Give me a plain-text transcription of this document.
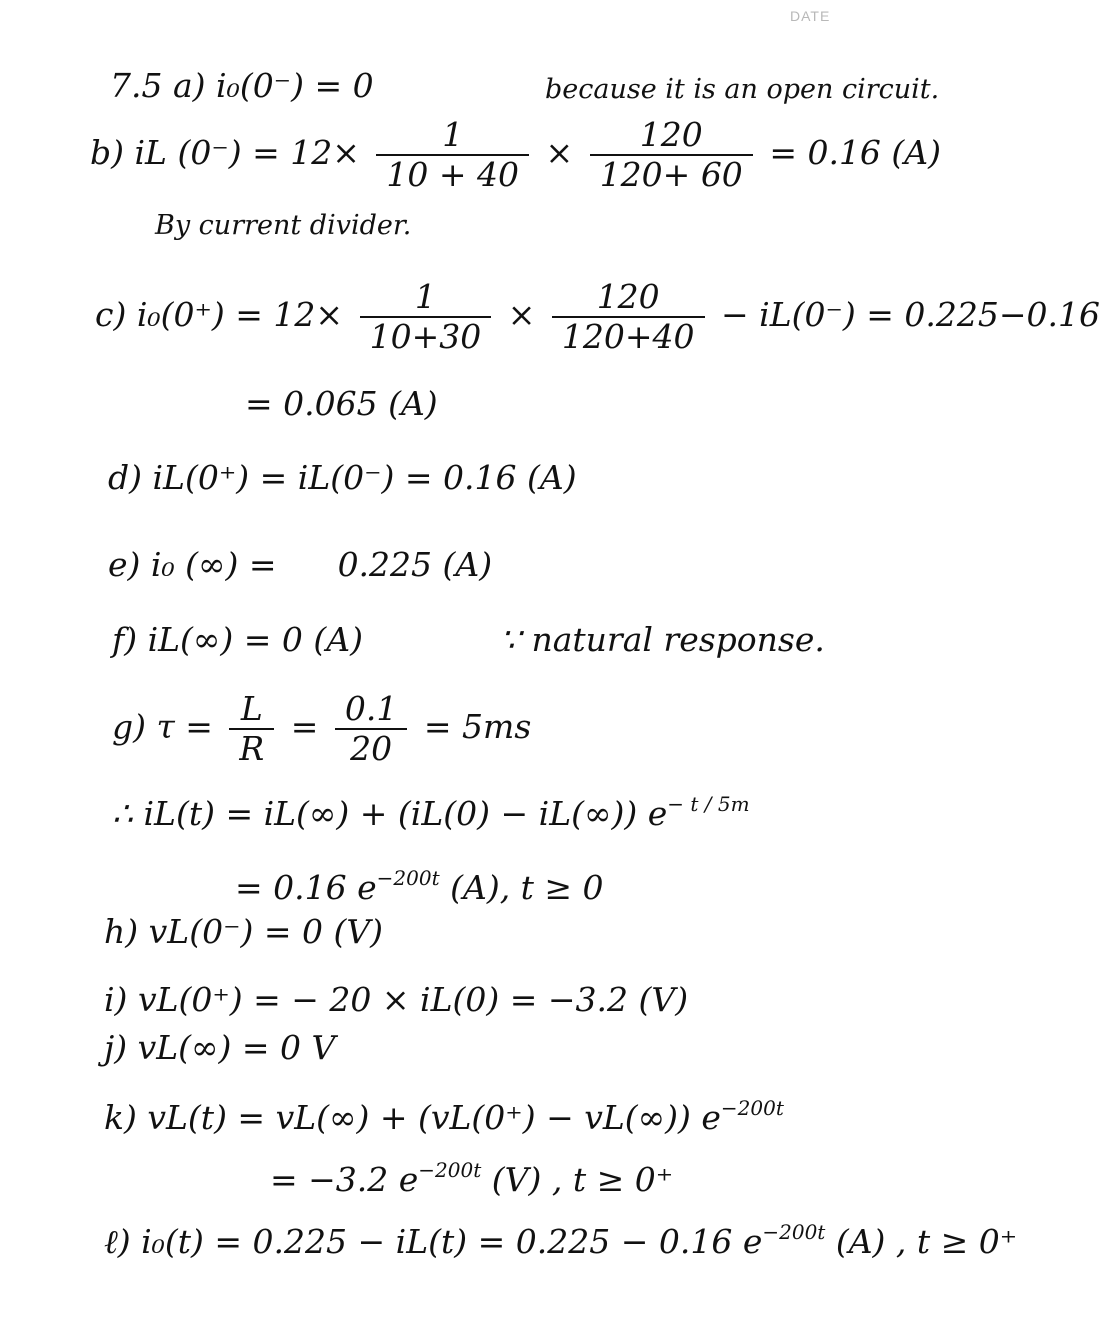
DATE
7.5 a) i₀(0⁻) = 0	because it is an open circuit.
b) iL $(0^-) = 12\times \frac{1}{10 + 40} \times \frac{120}{120+ 60} = 0.16$ (A)
By current divider.
c) $i_0(0^+) = 12\times \frac{1}{10+30} \times \frac{120}{120+40} - iL(0^-) = 0.225-0.16$
= 0.065 (A)
d) iL(0⁺) = iL(0⁻) = 0.16 (A)
e) i₀ (∞) = 0.225 (A)
f) iL(∞) = 0 (A)	∵ natural response.
g) $\tau = \frac{L}{R} = \frac{0.1}{20} = 5ms$
∴ iL(t) = iL(∞) + (iL(0) − iL(∞)) $e^{- t / 5m}$
= 0.16 $e^{-200t}$ (A), t ≥ 0
h) vL(0⁻) = 0 (V)
i) vL(0⁺) = − 20 × iL(0) = −3.2 (V)
j) vL(∞) = 0 V
k) vL(t) = vL(∞) + (vL(0⁺) − vL(∞)) $e^{-200t}$
= −3.2 $e^{-200t}$ (V) , t ≥ 0⁺
ℓ) i₀(t) = 0.225 − iL(t) = 0.225 − 0.16 $e^{-200t}$ (A) , t ≥ 0⁺
